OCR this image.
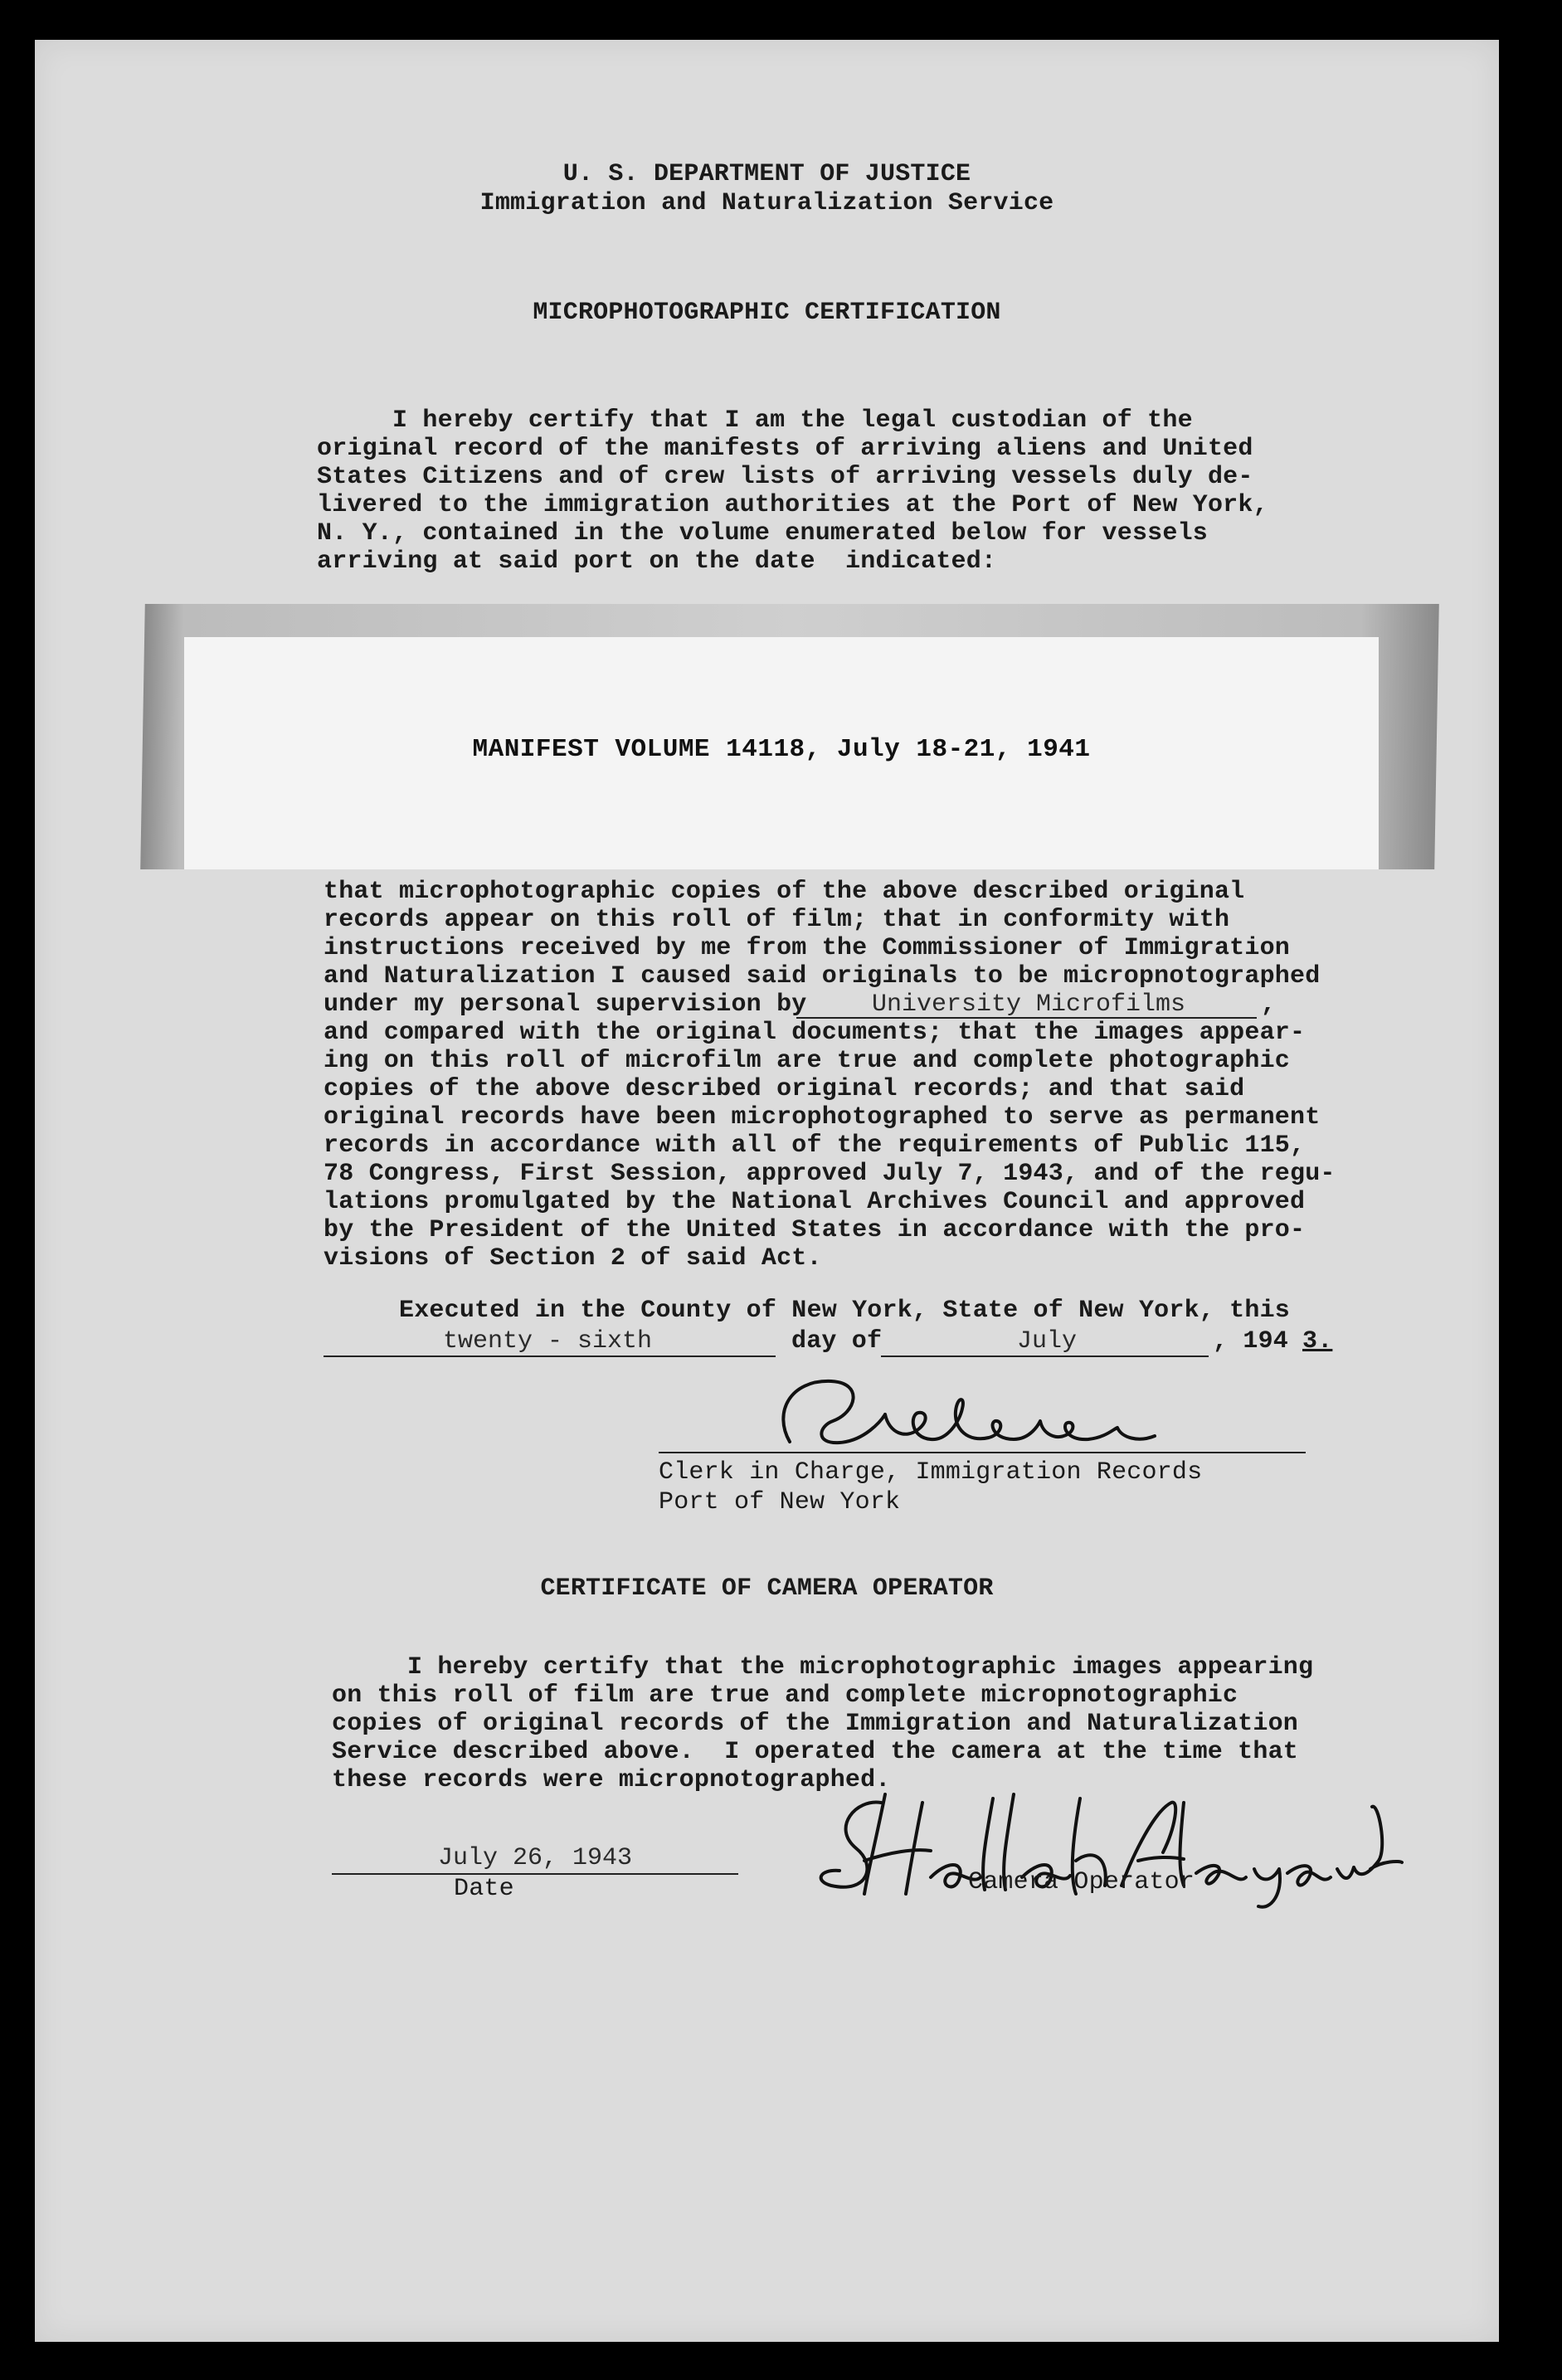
U. S. DEPARTMENT OF JUSTICE
Immigration and Naturalization Service
MICROPHOTOGRAPHIC CERTIFICATION
I hereby certify that I am the legal custodian of the
original record of the manifests of arriving aliens and United
States Citizens and of crew lists of arriving vessels duly de-
livered to the immigration authorities at the Port of New York,
N. Y., contained in the volume enumerated below for vessels
arriving at said port on the date  indicated:
MANIFEST VOLUME 14118, July 18-21, 1941
that microphotographic copies of the above described original
records appear on this roll of film; that in conformity with
instructions received by me from the Commissioner of Immigration
and Naturalization I caused said originals to be micropnotographed
under my personal supervision by	University Microfilms	,
and compared with the original documents; that the images appear-
ing on this roll of microfilm are true and complete photographic
copies of the above described original records; and that said
original records have been microphotographed to serve as permanent
records in accordance with all of the requirements of Public 115,
78 Congress, First Session, approved July 7, 1943, and of the regu-
lations promulgated by the National Archives Council and approved
by the President of the United States in accordance with the pro-
visions of Section 2 of said Act.
Executed in the County of New York, State of New York, this
twenty - sixth	day of	July	, 194 3.
Clerk in Charge, Immigration Records
Port of New York
CERTIFICATE OF CAMERA OPERATOR
I hereby certify that the microphotographic images appearing
on this roll of film are true and complete micropnotographic
copies of original records of the Immigration and Naturalization
Service described above.  I operated the camera at the time that
these records were micropnotographed.
July 26, 1943
Date	Camera Operator
